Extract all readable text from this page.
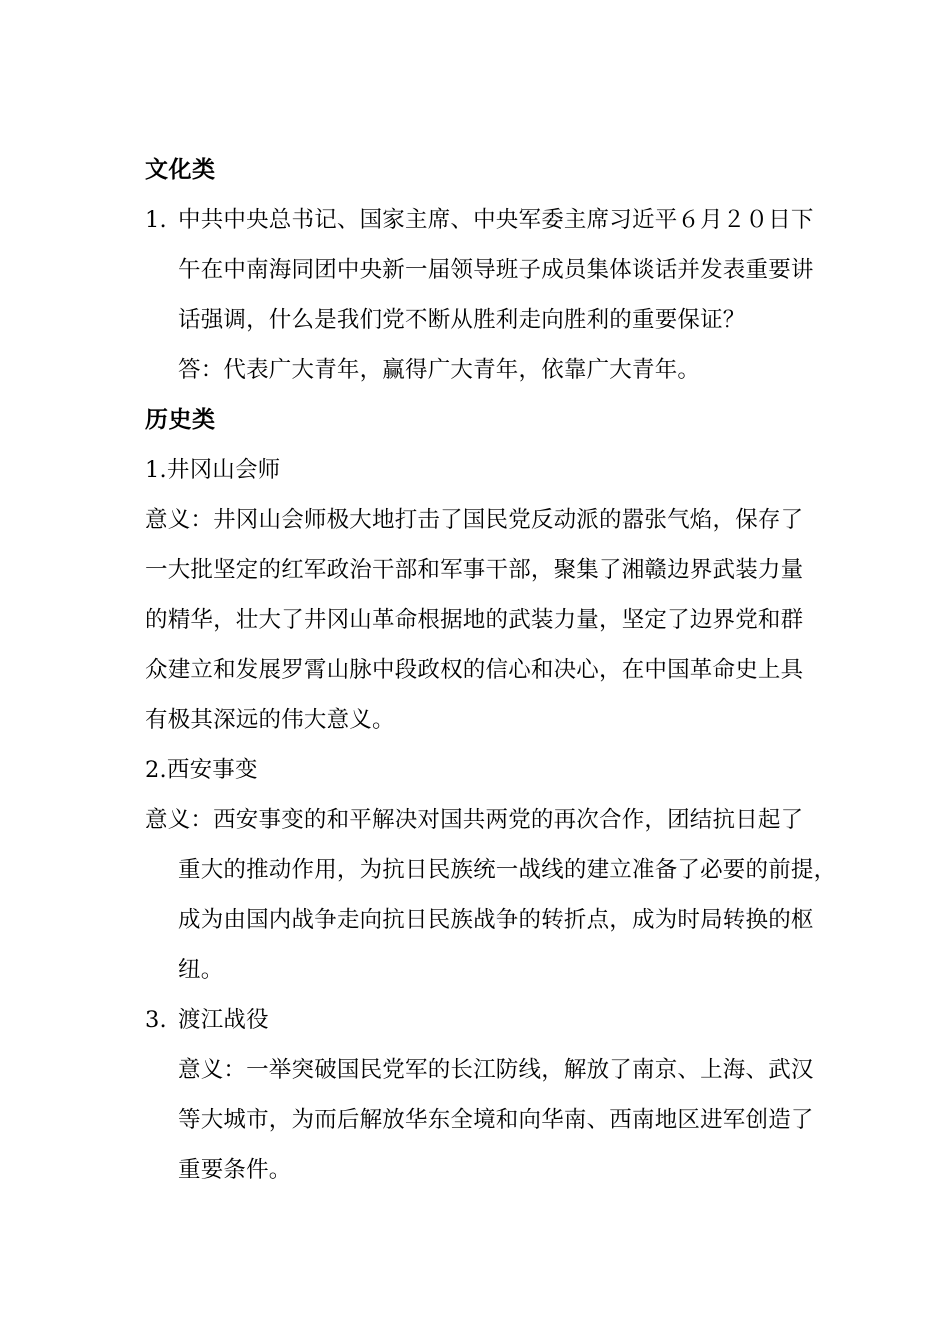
文化类
1. 中共中央总书记、国家主席、中央军委主席习近平６月２０日下
午在中南海同团中央新一届领导班子成员集体谈话并发表重要讲
话强调，什么是我们党不断从胜利走向胜利的重要保证？
答：代表广大青年，赢得广大青年，依靠广大青年。
历史类
1.井冈山会师
意义：井冈山会师极大地打击了国民党反动派的嚣张气焰，保存了
一大批坚定的红军政治干部和军事干部，聚集了湘赣边界武装力量
的精华，壮大了井冈山革命根据地的武装力量，坚定了边界党和群
众建立和发展罗霄山脉中段政权的信心和决心，在中国革命史上具
有极其深远的伟大意义。
2.西安事变
意义：西安事变的和平解决对国共两党的再次合作，团结抗日起了
重大的推动作用，为抗日民族统一战线的建立准备了必要的前提，
成为由国内战争走向抗日民族战争的转折点，成为时局转换的枢
纽。
3. 渡江战役
意义：一举突破国民党军的长江防线，解放了南京、上海、武汉
等大城市，为而后解放华东全境和向华南、西南地区进军创造了
重要条件。
